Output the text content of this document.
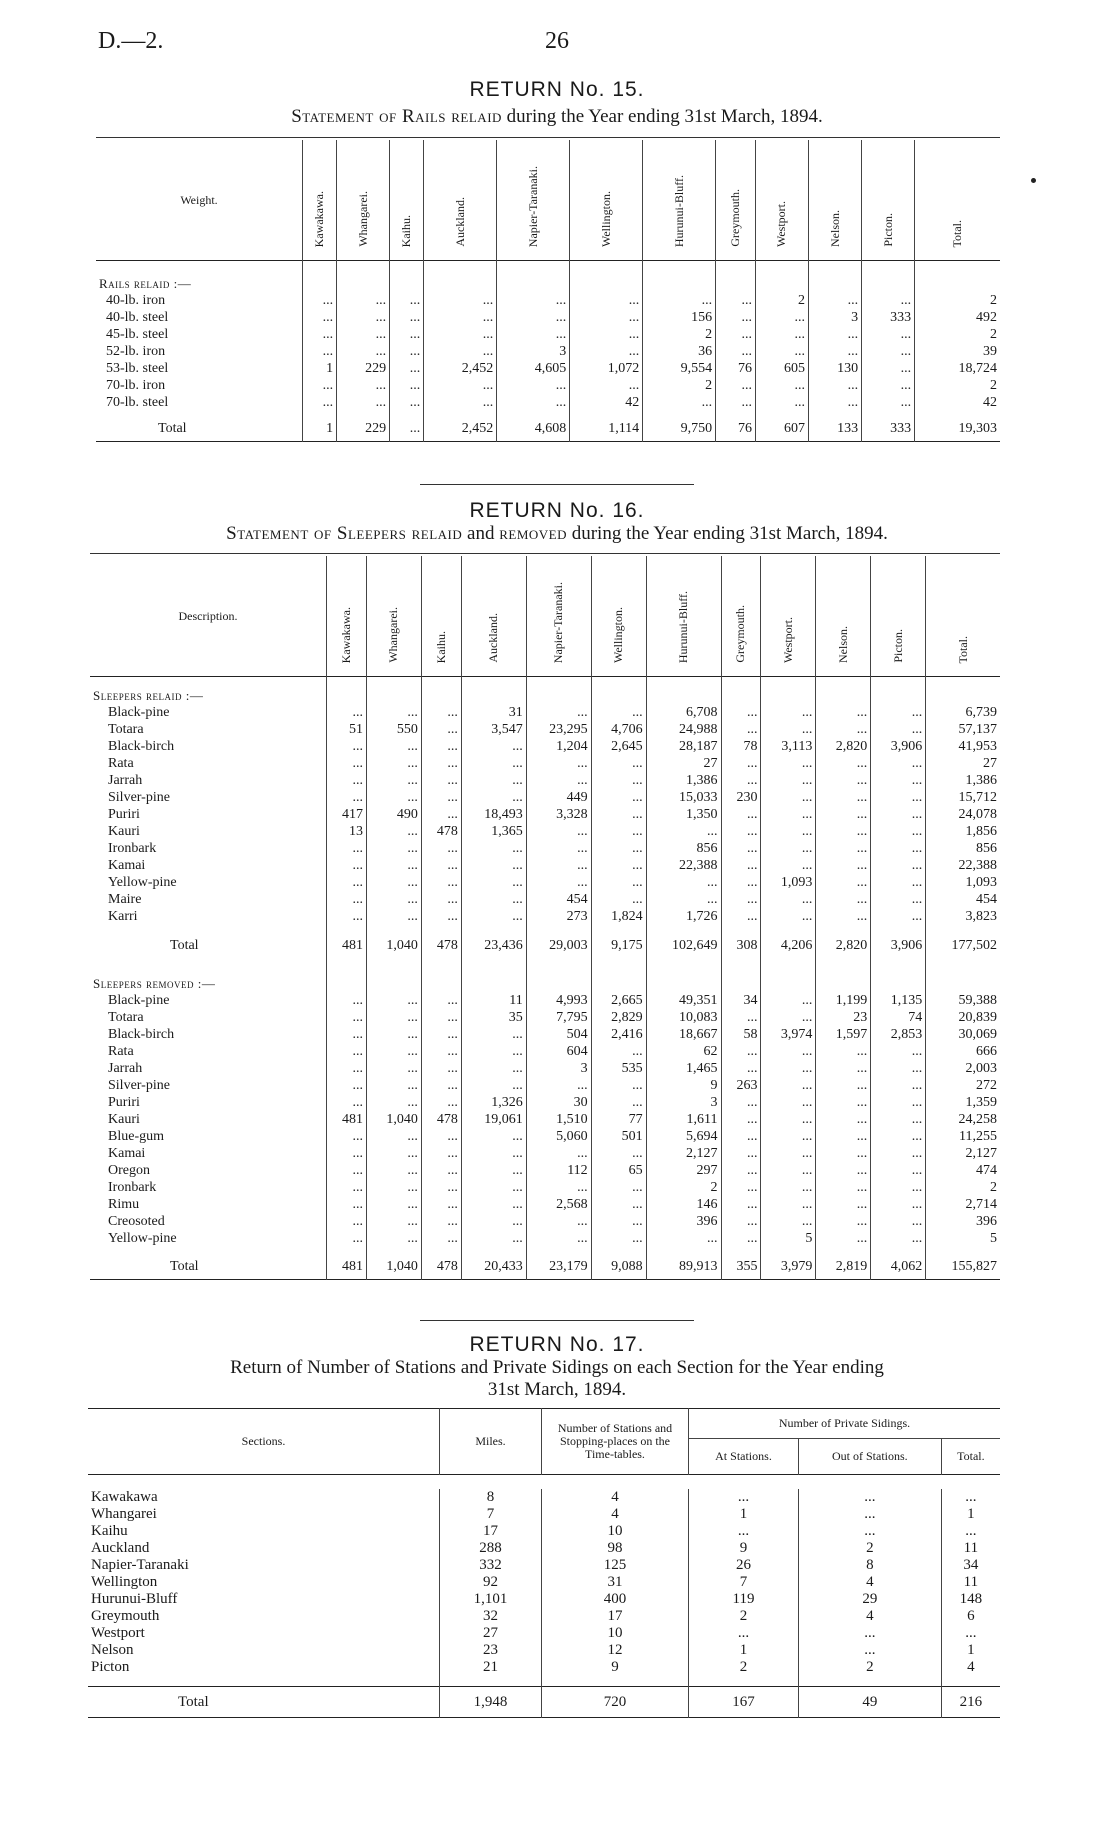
D.—2.	26
RETURN No. 15.
Statement of Rails relaid during the Year ending 31st March, 1894.
Weight.	Kawakawa.	Whangarei.	Kaihu.	Auckland.	Napier-Taranaki.	Wellington.	Hurunui-Bluff.	Greymouth.	Westport.	Nelson.	Picton.	Total.

Rails relaid :—												
40-lb. iron	...	...	...	...	...	...	...	...	2	...	...	2
40-lb. steel	...	...	...	...	...	...	156	...	...	3	333	492
45-lb. steel	...	...	...	...	...	...	2	...	...	...	...	2
52-lb. iron	...	...	...	...	3	...	36	...	...	...	...	39
53-lb. steel	1	229	...	2,452	4,605	1,072	9,554	76	605	130	...	18,724
70-lb. iron	...	...	...	...	...	...	2	...	...	...	...	2
70-lb. steel	...	...	...	...	...	42	...	...	...	...	...	42

Total	1	229	...	2,452	4,608	1,114	9,750	76	607	133	333	19,303
RETURN No. 16.
Statement of Sleepers relaid and removed during the Year ending 31st March, 1894.
Description.	Kawakawa.	Whangarei.	Kaihu.	Auckland.	Napier-Taranaki.	Wellington.	Hurunui-Bluff.	Greymouth.	Westport.	Nelson.	Picton.	Total.

Sleepers relaid :—												
Black-pine	...	...	...	31	...	...	6,708	...	...	...	...	6,739
Totara	51	550	...	3,547	23,295	4,706	24,988	...	...	...	...	57,137
Black-birch	...	...	...	...	1,204	2,645	28,187	78	3,113	2,820	3,906	41,953
Rata	...	...	...	...	...	...	27	...	...	...	...	27
Jarrah	...	...	...	...	...	...	1,386	...	...	...	...	1,386
Silver-pine	...	...	...	...	449	...	15,033	230	...	...	...	15,712
Puriri	417	490	...	18,493	3,328	...	1,350	...	...	...	...	24,078
Kauri	13	...	478	1,365	...	...	...	...	...	...	...	1,856
Ironbark	...	...	...	...	...	...	856	...	...	...	...	856
Kamai	...	...	...	...	...	...	22,388	...	...	...	...	22,388
Yellow-pine	...	...	...	...	...	...	...	...	1,093	...	...	1,093
Maire	...	...	...	...	454	...	...	...	...	...	...	454
Karri	...	...	...	...	273	1,824	1,726	...	...	...	...	3,823

Total	481	1,040	478	23,436	29,003	9,175	102,649	308	4,206	2,820	3,906	177,502

Sleepers removed :—												
Black-pine	...	...	...	11	4,993	2,665	49,351	34	...	1,199	1,135	59,388
Totara	...	...	...	35	7,795	2,829	10,083	...	...	23	74	20,839
Black-birch	...	...	...	...	504	2,416	18,667	58	3,974	1,597	2,853	30,069
Rata	...	...	...	...	604	...	62	...	...	...	...	666
Jarrah	...	...	...	...	3	535	1,465	...	...	...	...	2,003
Silver-pine	...	...	...	...	...	...	9	263	...	...	...	272
Puriri	...	...	...	1,326	30	...	3	...	...	...	...	1,359
Kauri	481	1,040	478	19,061	1,510	77	1,611	...	...	...	...	24,258
Blue-gum	...	...	...	...	5,060	501	5,694	...	...	...	...	11,255
Kamai	...	...	...	...	...	...	2,127	...	...	...	...	2,127
Oregon	...	...	...	...	112	65	297	...	...	...	...	474
Ironbark	...	...	...	...	...	...	2	...	...	...	...	2
Rimu	...	...	...	...	2,568	...	146	...	...	...	...	2,714
Creosoted	...	...	...	...	...	...	396	...	...	...	...	396
Yellow-pine	...	...	...	...	...	...	...	...	5	...	...	5

Total	481	1,040	478	20,433	23,179	9,088	89,913	355	3,979	2,819	4,062	155,827
RETURN No. 17.
Return of Number of Stations and Private Sidings on each Section for the Year ending
31st March, 1894.
Sections.	Miles.	Number of Stations and Stopping-places on the Time-tables.	Number of Private Sidings.		
			At Stations.	Out of Stations.	Total.

Kawakawa	8	4	...	...	...
Whangarei	7	4	1	...	1
Kaihu	17	10	...	...	...
Auckland	288	98	9	2	11
Napier-Taranaki	332	125	26	8	34
Wellington	92	31	7	4	11
Hurunui-Bluff	1,101	400	119	29	148
Greymouth	32	17	2	4	6
Westport	27	10	...	...	...
Nelson	23	12	1	...	1
Picton	21	9	2	2	4

Total	1,948	720	167	49	216
